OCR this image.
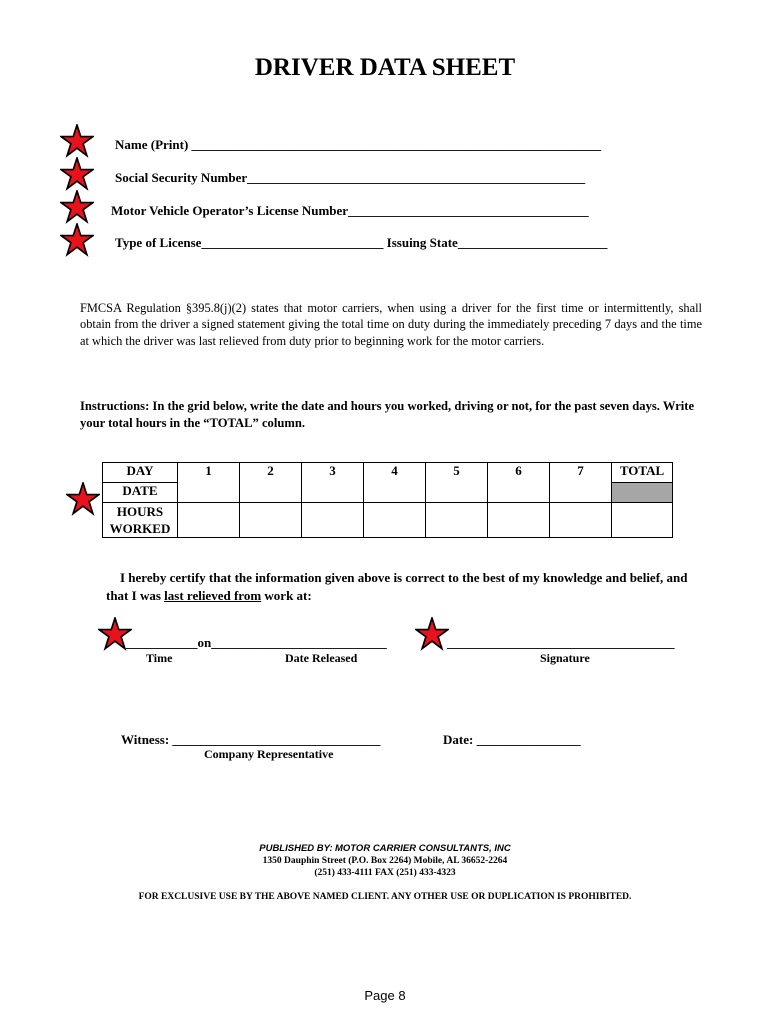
DRIVER DATA SHEET
Name (Print) _______________________________________________________________
Social Security Number____________________________________________________
Motor Vehicle Operator’s License Number_____________________________________
Type of License____________________________ Issuing State_______________________
FMCSA Regulation §395.8(j)(2) states that motor carriers, when using a driver for the first time or intermittently, shall obtain from the driver a signed statement giving the total time on duty during the immediately preceding 7 days and the time at which the driver was last relieved from duty prior to beginning work for the motor carriers.
Instructions: In the grid below, write the date and hours you worked, driving or not, for the past seven days. Write your total hours in the “TOTAL” column.
DAY	1	2	3	4	5	6	7	TOTAL
DATE								

HOURS
WORKED								

I hereby certify that the information given above is correct to the best of my knowledge and belief, and that I was last relieved from work at:
___________on___________________________
Time	Date Released
___________________________________
Signature
Witness: ________________________________
Company Representative
Date: ________________
PUBLISHED BY: MOTOR CARRIER CONSULTANTS, INC
1350 Dauphin Street (P.O. Box 2264) Mobile, AL 36652-2264
(251) 433-4111 FAX (251) 433-4323
FOR EXCLUSIVE USE BY THE ABOVE NAMED CLIENT. ANY OTHER USE OR DUPLICATION IS PROHIBITED.
Page 8
